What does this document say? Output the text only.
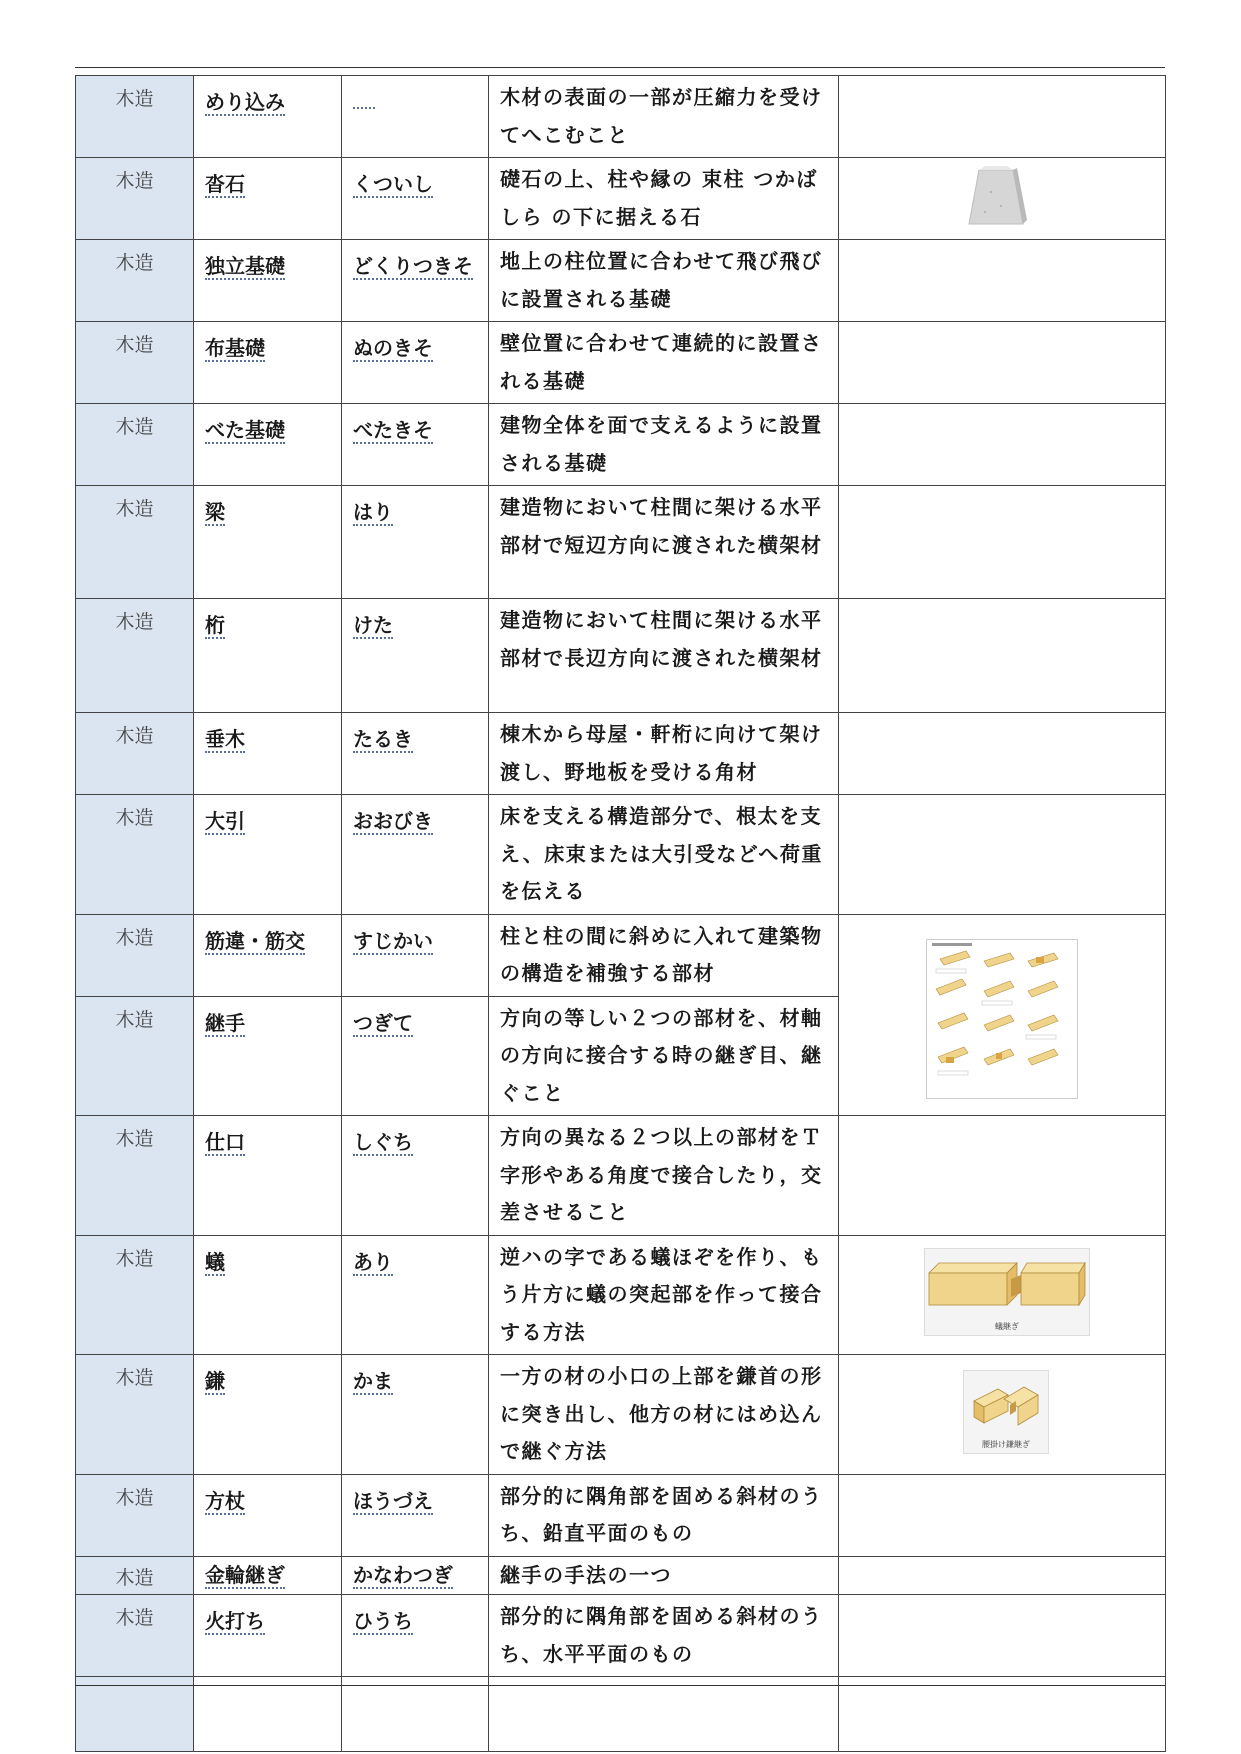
木造	めり込み		木材の表面の一部が圧縮力を受けてへこむこと	
木造	沓石	くついし	礎石の上、柱や縁の 束柱 つかばしら の下に据える石	

木造	独立基礎	どくりつきそ	地上の柱位置に合わせて飛び飛びに設置される基礎	
木造	布基礎	ぬのきそ	壁位置に合わせて連続的に設置される基礎	
木造	べた基礎	べたきそ	建物全体を面で支えるように設置される基礎	
木造	梁	はり	建造物において柱間に架ける水平部材で短辺方向に渡された横架材	
木造	桁	けた	建造物において柱間に架ける水平部材で長辺方向に渡された横架材	
木造	垂木	たるき	棟木から母屋・軒桁に向けて架け渡し、野地板を受ける角材	
木造	大引	おおびき	床を支える構造部分で、根太を支え、床束または大引受などへ荷重を伝える	
木造	筋違・筋交	すじかい	柱と柱の間に斜めに入れて建築物の構造を補強する部材	

木造	継手	つぎて	方向の等しい２つの部材を、材軸の方向に接合する時の継ぎ目、継ぐこと	
木造	仕口	しぐち	方向の異なる２つ以上の部材をＴ字形やある角度で接合したり，交差させること	
木造	蟻	あり	逆ハの字である蟻ほぞを作り、もう片方に蟻の突起部を作って接合する方法	蟻継ぎ

木造	鎌	かま	一方の材の小口の上部を鎌首の形に突き出し、他方の材にはめ込んで継ぐ方法	腰掛け鎌継ぎ

木造	方杖	ほうづえ	部分的に隅角部を固める斜材のうち、鉛直平面のもの	
木造	金輪継ぎ	かなわつぎ	継手の手法の一つ	
木造	火打ち	ひうち	部分的に隅角部を固める斜材のうち、水平平面のもの	
